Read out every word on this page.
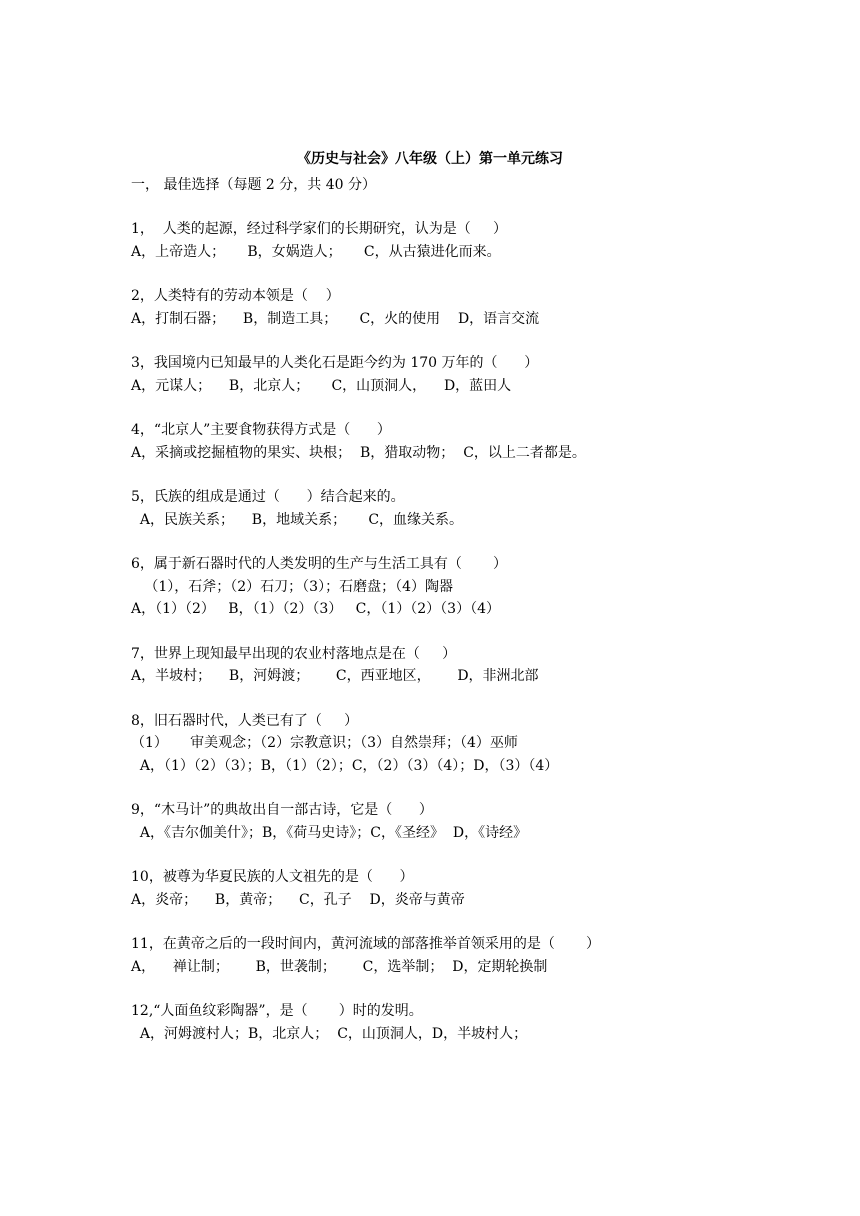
《历史与社会》八年级（上）第一单元练习
一， 最佳选择（每题 2 分，共 40 分）
1，  人类的起源，经过科学家们的长期研究，认为是（     ）
A，上帝造人；     B，女娲造人；     C，从古猿进化而来。
2，人类特有的劳动本领是（    ）
A，打制石器；    B，制造工具；     C，火的使用    D，语言交流
3，我国境内已知最早的人类化石是距今约为 170 万年的（      ）
A，元谋人；    B，北京人；     C，山顶洞人，    D，蓝田人
4，“北京人”主要食物获得方式是（      ）
A，采摘或挖掘植物的果实、块根；  B，猎取动物；  C，以上二者都是。
5，氏族的组成是通过（      ）结合起来的。
A，民族关系；    B，地域关系；     C，血缘关系。
6，属于新石器时代的人类发明的生产与生活工具有（       ）
（1），石斧；（2）石刀；（3）；石磨盘；（4）陶器
A，（1）（2）   B，（1）（2）（3）   C，（1）（2）（3）（4）
7，世界上现知最早出现的农业村落地点是在（     ）
A，半坡村；    B，河姆渡；      C，西亚地区，      D，非洲北部
8，旧石器时代，人类已有了（     ）
（1）     审美观念；（2）宗教意识；（3）自然崇拜；（4）巫师
A，（1）（2）（3）；B，（1）（2）；C，（2）（3）（4）；D，（3）（4）
9，“木马计”的典故出自一部古诗，它是（      ）
A，《吉尔伽美什》；B，《荷马史诗》；C，《圣经》  D，《诗经》
10，被尊为华夏民族的人文祖先的是（      ）
A，炎帝；    B，黄帝；    C，孔子    D，炎帝与黄帝
11，在黄帝之后的一段时间内，黄河流域的部落推举首领采用的是（       ）
A，    禅让制；      B，世袭制；      C，选举制；  D，定期轮换制
12,“人面鱼纹彩陶器”，是（       ）时的发明。
A，河姆渡村人；B，北京人；  C，山顶洞人，D，半坡村人；
